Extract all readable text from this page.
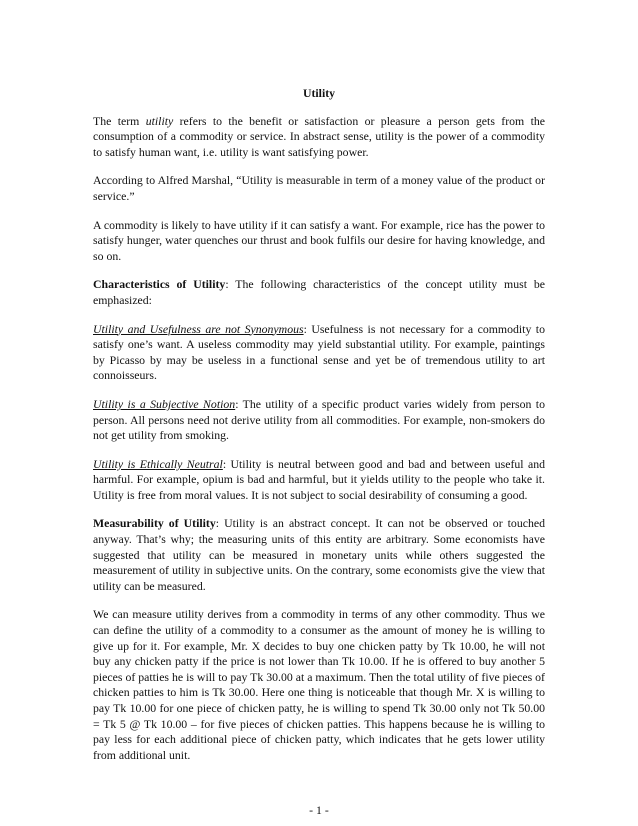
Utility

The term utility refers to the benefit or satisfaction or pleasure a person gets from the consumption of a commodity or service. In abstract sense, utility is the power of a commodity to satisfy human want, i.e. utility is want satisfying power.

According to Alfred Marshal, “Utility is measurable in term of a money value of the product or service.”

A commodity is likely to have utility if it can satisfy a want. For example, rice has the power to satisfy hunger, water quenches our thrust and book fulfils our desire for having knowledge, and so on.

Characteristics of Utility: The following characteristics of the concept utility must be emphasized:

Utility and Usefulness are not Synonymous: Usefulness is not necessary for a commodity to satisfy one’s want. A useless commodity may yield substantial utility. For example, paintings by Picasso by may be useless in a functional sense and yet be of tremendous utility to art connoisseurs.

Utility is a Subjective Notion: The utility of a specific product varies widely from person to person. All persons need not derive utility from all commodities. For example, non-smokers do not get utility from smoking.

Utility is Ethically Neutral: Utility is neutral between good and bad and between useful and harmful. For example, opium is bad and harmful, but it yields utility to the people who take it. Utility is free from moral values. It is not subject to social desirability of consuming a good.

Measurability of Utility: Utility is an abstract concept. It can not be observed or touched anyway. That’s why; the measuring units of this entity are arbitrary. Some economists have suggested that utility can be measured in monetary units while others suggested the measurement of utility in subjective units. On the contrary, some economists give the view that utility can be measured.

We can measure utility derives from a commodity in terms of any other commodity. Thus we can define the utility of a commodity to a consumer as the amount of money he is willing to give up for it. For example, Mr. X decides to buy one chicken patty by Tk 10.00, he will not buy any chicken patty if the price is not lower than Tk 10.00. If he is offered to buy another 5 pieces of patties he is will to pay Tk 30.00 at a maximum. Then the total utility of five pieces of chicken patties to him is Tk 30.00. Here one thing is noticeable that though Mr. X is willing to pay Tk 10.00 for one piece of chicken patty, he is willing to spend Tk 30.00 only not Tk 50.00 = Tk 5 @ Tk 10.00 – for five pieces of chicken patties. This happens because he is willing to pay less for each additional piece of chicken patty, which indicates that he gets lower utility from additional unit.

- 1 -
